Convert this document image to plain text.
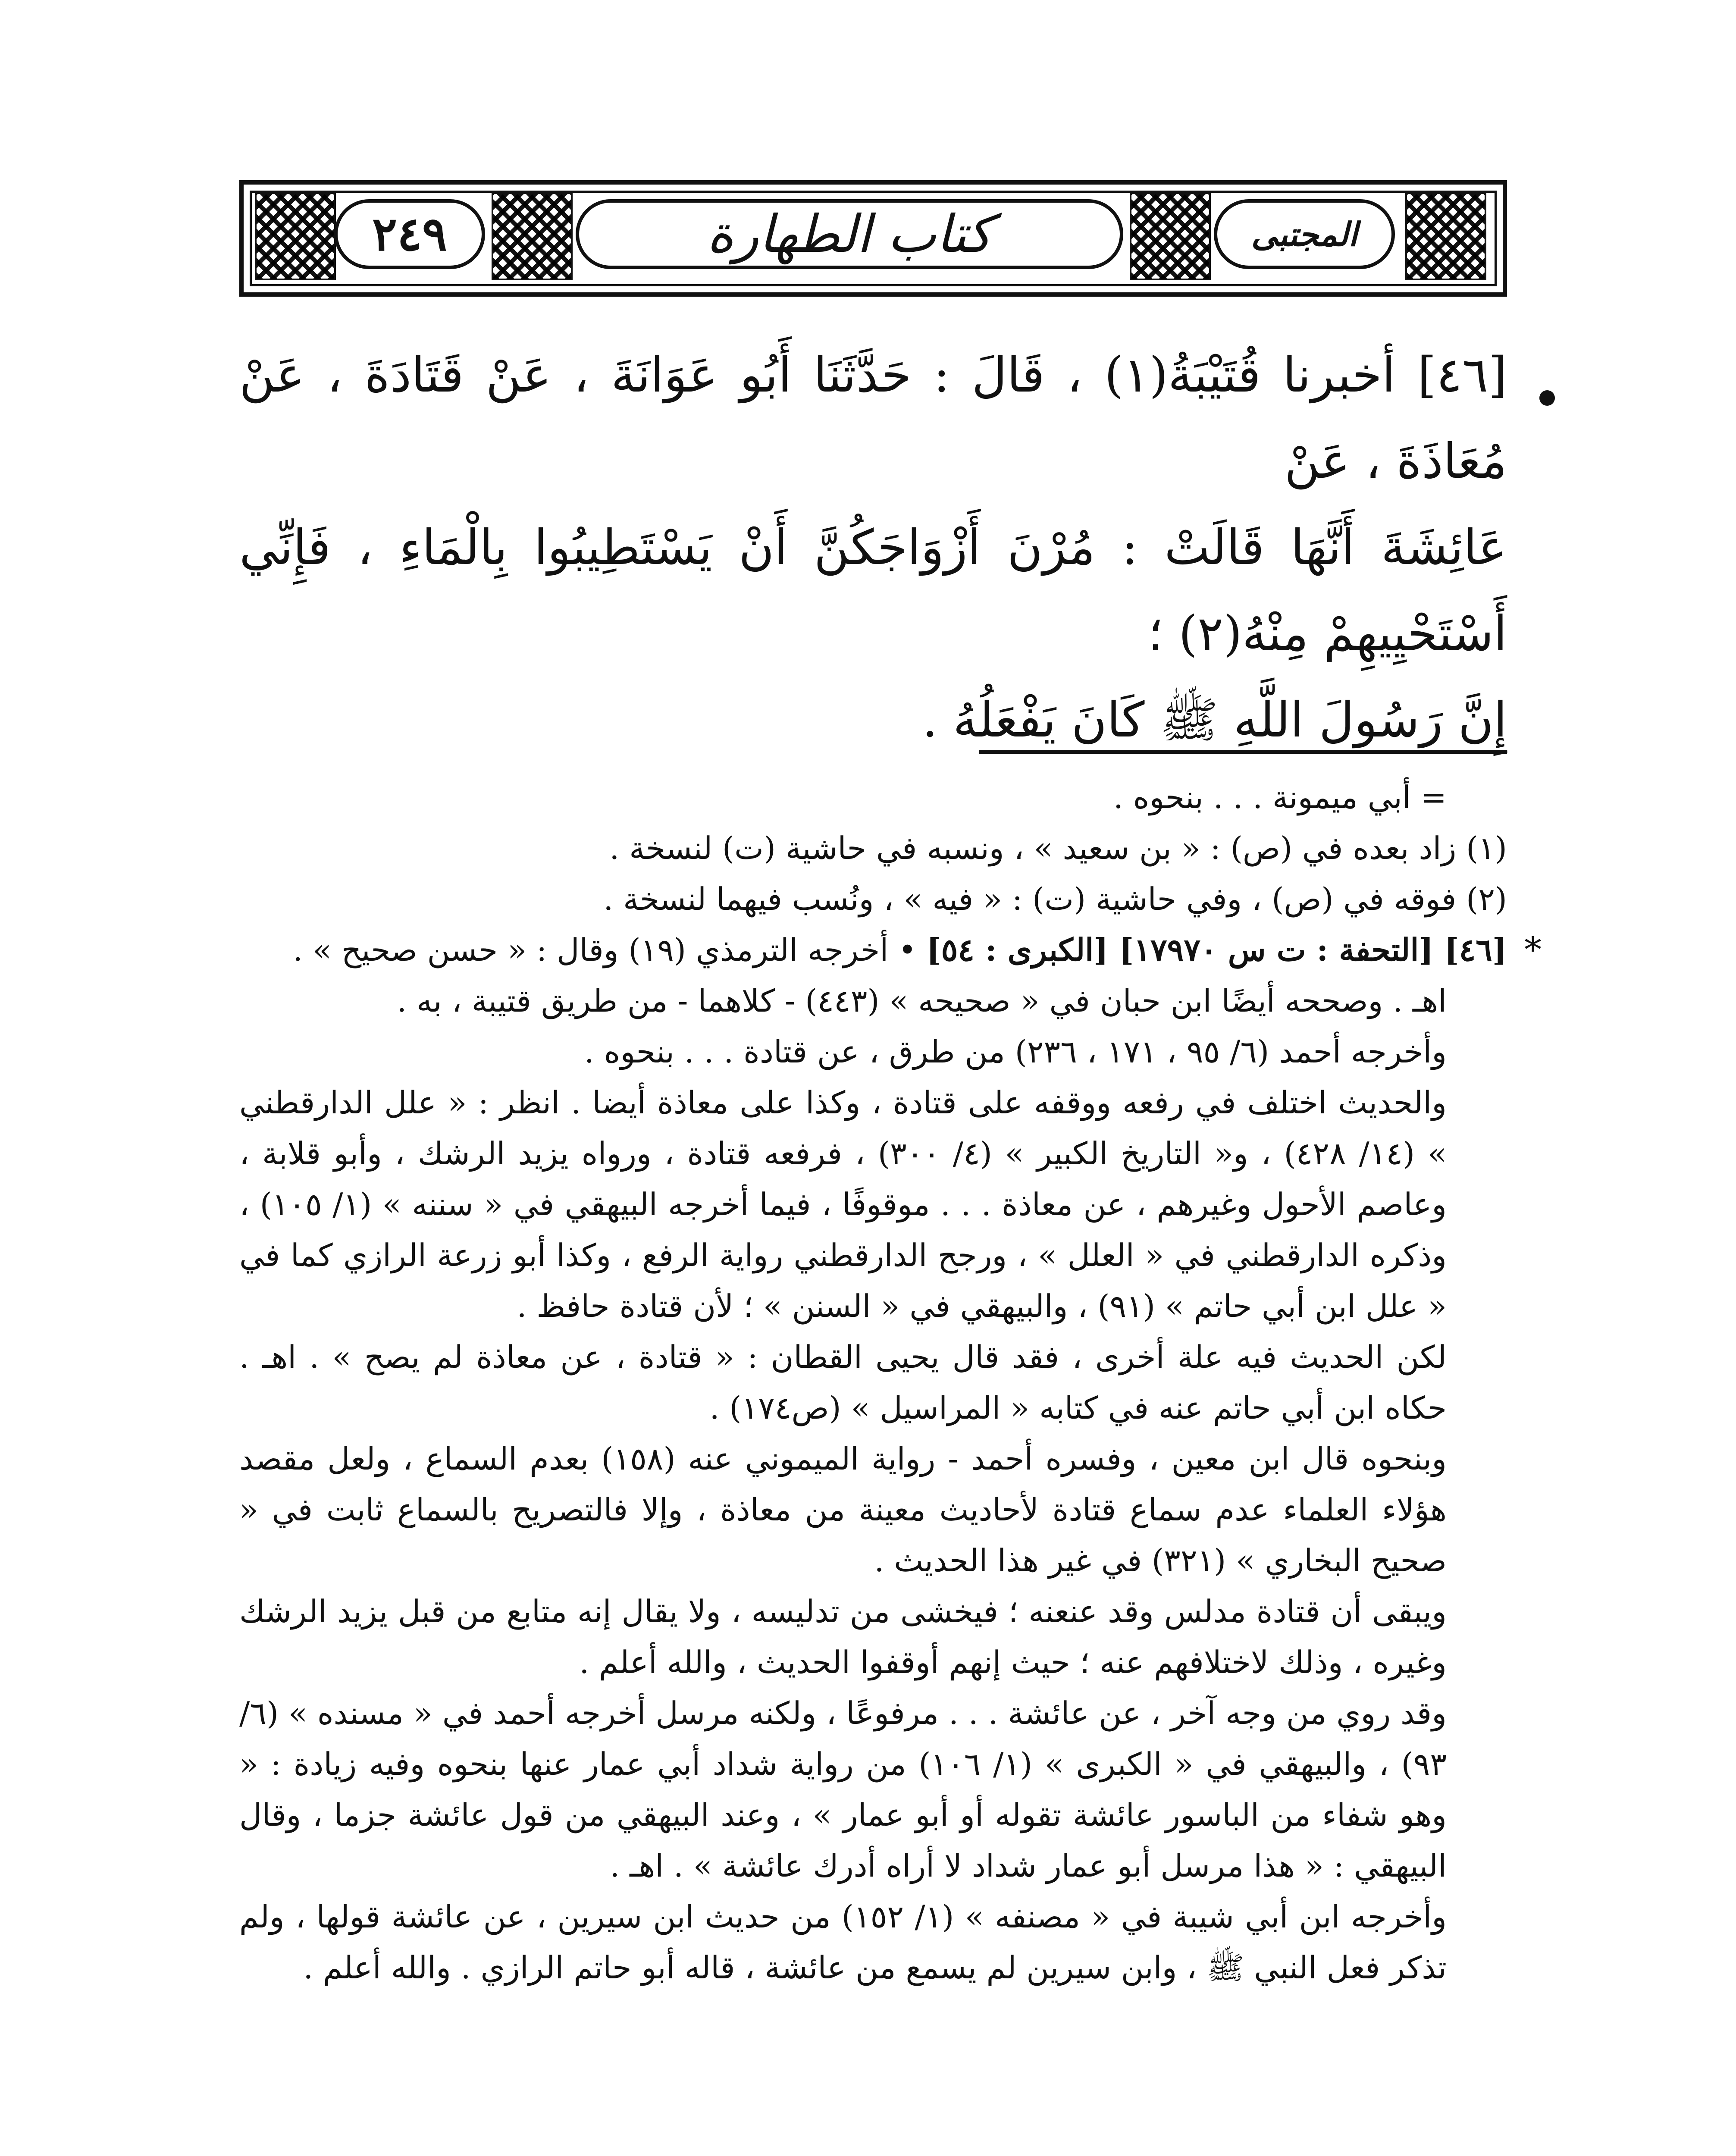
٢٤٩	كتاب الطهارة	المجتبى
[٤٦] أخبرنا قُتَيْبَةُ(١) ، قَالَ : حَدَّثَنَا أَبُو عَوَانَةَ ، عَنْ قَتَادَةَ ، عَنْ مُعَاذَةَ ، عَنْ
عَائِشَةَ أَنَّهَا قَالَتْ : مُرْنَ أَزْوَاجَكُنَّ أَنْ يَسْتَطِيبُوا بِالْمَاءِ ، فَإِنِّي أَسْتَحْيِيهِمْ مِنْهُ(٢) ؛
إِنَّ رَسُولَ اللَّهِ ﷺ كَانَ يَفْعَلُهُ .

= أبي ميمونة . . . بنحوه .

(١) زاد بعده في (ص) : « بن سعيد » ، ونسبه في حاشية (ت) لنسخة .

(٢) فوقه في (ص) ، وفي حاشية (ت) : « فيه » ، ونُسب فيهما لنسخة .

*
[٤٦] [التحفة : ت س ١٧٩٧٠] [الكبرى : ٥٤] • أخرجه الترمذي (١٩) وقال : « حسن صحيح » .

اهـ . وصححه أيضًا ابن حبان في « صحيحه » (٤٤٣) - كلاهما - من طريق قتيبة ، به .

وأخرجه أحمد (٦/ ٩٥ ، ١٧١ ، ٢٣٦) من طرق ، عن قتادة . . . بنحوه .

والحديث اختلف في رفعه ووقفه على قتادة ، وكذا على معاذة أيضا . انظر : « علل الدارقطني » (١٤/ ٤٢٨) ، و« التاريخ الكبير » (٤/ ٣٠٠) ، فرفعه قتادة ، ورواه يزيد الرشك ، وأبو قلابة ، وعاصم الأحول وغيرهم ، عن معاذة . . . موقوفًا ، فيما أخرجه البيهقي في « سننه » (١/ ١٠٥) ، وذكره الدارقطني في « العلل » ، ورجح الدارقطني رواية الرفع ، وكذا أبو زرعة الرازي كما في « علل ابن أبي حاتم » (٩١) ، والبيهقي في « السنن » ؛ لأن قتادة حافظ .

لكن الحديث فيه علة أخرى ، فقد قال يحيى القطان : « قتادة ، عن معاذة لم يصح » . اهـ . حكاه ابن أبي حاتم عنه في كتابه « المراسيل » (ص١٧٤) .

وبنحوه قال ابن معين ، وفسره أحمد - رواية الميموني عنه (١٥٨) بعدم السماع ، ولعل مقصد هؤلاء العلماء عدم سماع قتادة لأحاديث معينة من معاذة ، وإلا فالتصريح بالسماع ثابت في « صحيح البخاري » (٣٢١) في غير هذا الحديث .

ويبقى أن قتادة مدلس وقد عنعنه ؛ فيخشى من تدليسه ، ولا يقال إنه متابع من قبل يزيد الرشك وغيره ، وذلك لاختلافهم عنه ؛ حيث إنهم أوقفوا الحديث ، والله أعلم .

وقد روي من وجه آخر ، عن عائشة . . . مرفوعًا ، ولكنه مرسل أخرجه أحمد في « مسنده » (٦/ ٩٣) ، والبيهقي في « الكبرى » (١/ ١٠٦) من رواية شداد أبي عمار عنها بنحوه وفيه زيادة : « وهو شفاء من الباسور عائشة تقوله أو أبو عمار » ، وعند البيهقي من قول عائشة جزما ، وقال البيهقي : « هذا مرسل أبو عمار شداد لا أراه أدرك عائشة » . اهـ .

وأخرجه ابن أبي شيبة في « مصنفه » (١/ ١٥٢) من حديث ابن سيرين ، عن عائشة قولها ، ولم تذكر فعل النبي ﷺ ، وابن سيرين لم يسمع من عائشة ، قاله أبو حاتم الرازي . والله أعلم .
